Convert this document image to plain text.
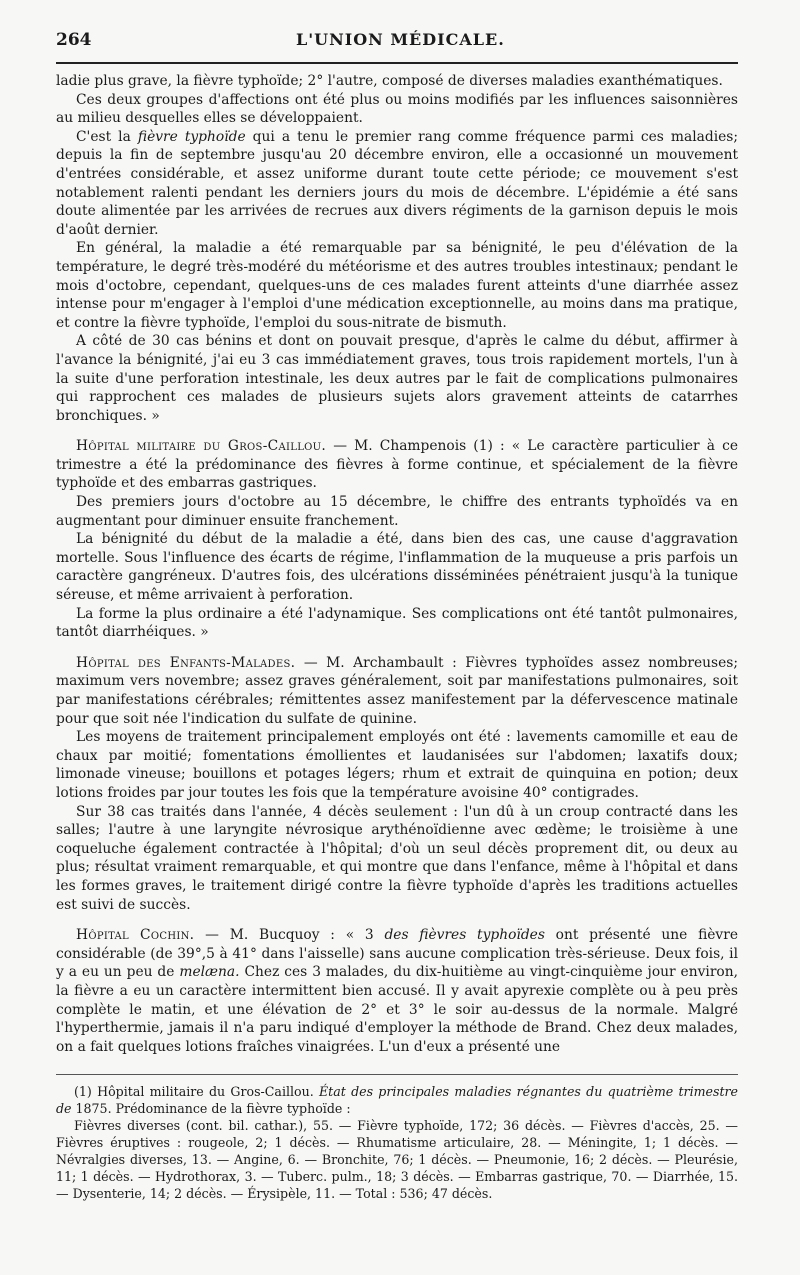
264	L'UNION MÉDICALE.

ladie plus grave, la fièvre typhoïde; 2° l'autre, composé de diverses maladies exanthématiques.

Ces deux groupes d'affections ont été plus ou moins modifiés par les influences saisonnières au milieu desquelles elles se développaient.

C'est la fièvre typhoïde qui a tenu le premier rang comme fréquence parmi ces maladies; depuis la fin de septembre jusqu'au 20 décembre environ, elle a occasionné un mouvement d'entrées considérable, et assez uniforme durant toute cette période; ce mouvement s'est notablement ralenti pendant les derniers jours du mois de décembre. L'épidémie a été sans doute alimentée par les arrivées de recrues aux divers régiments de la garnison depuis le mois d'août dernier.

En général, la maladie a été remarquable par sa bénignité, le peu d'élévation de la température, le degré très-modéré du météorisme et des autres troubles intestinaux; pendant le mois d'octobre, cependant, quelques-uns de ces malades furent atteints d'une diarrhée assez intense pour m'engager à l'emploi d'une médication exceptionnelle, au moins dans ma pratique, et contre la fièvre typhoïde, l'emploi du sous-nitrate de bismuth.

A côté de 30 cas bénins et dont on pouvait presque, d'après le calme du début, affirmer à l'avance la bénignité, j'ai eu 3 cas immédiatement graves, tous trois rapidement mortels, l'un à la suite d'une perforation intestinale, les deux autres par le fait de complications pulmonaires qui rapprochent ces malades de plusieurs sujets alors gravement atteints de catarrhes bronchiques. »

Hôpital militaire du Gros-Caillou. — M. Champenois (1) : « Le caractère particulier à ce trimestre a été la prédominance des fièvres à forme continue, et spécialement de la fièvre typhoïde et des embarras gastriques.

Des premiers jours d'octobre au 15 décembre, le chiffre des entrants typhoïdés va en augmentant pour diminuer ensuite franchement.

La bénignité du début de la maladie a été, dans bien des cas, une cause d'aggravation mortelle. Sous l'influence des écarts de régime, l'inflammation de la muqueuse a pris parfois un caractère gangréneux. D'autres fois, des ulcérations disséminées pénétraient jusqu'à la tunique séreuse, et même arrivaient à perforation.

La forme la plus ordinaire a été l'adynamique. Ses complications ont été tantôt pulmonaires, tantôt diarrhéiques. »

Hôpital des Enfants-Malades. — M. Archambault : Fièvres typhoïdes assez nombreuses; maximum vers novembre; assez graves généralement, soit par manifestations pulmonaires, soit par manifestations cérébrales; rémittentes assez manifestement par la défervescence matinale pour que soit née l'indication du sulfate de quinine.

Les moyens de traitement principalement employés ont été : lavements camomille et eau de chaux par moitié; fomentations émollientes et laudanisées sur l'abdomen; laxatifs doux; limonade vineuse; bouillons et potages légers; rhum et extrait de quinquina en potion; deux lotions froides par jour toutes les fois que la température avoisine 40° contigrades.

Sur 38 cas traités dans l'année, 4 décès seulement : l'un dû à un croup contracté dans les salles; l'autre à une laryngite névrosique arythénoïdienne avec œdème; le troisième à une coqueluche également contractée à l'hôpital; d'où un seul décès proprement dit, ou deux au plus; résultat vraiment remarquable, et qui montre que dans l'enfance, même à l'hôpital et dans les formes graves, le traitement dirigé contre la fièvre typhoïde d'après les traditions actuelles est suivi de succès.

Hôpital Cochin. — M. Bucquoy : « 3 des fièvres typhoïdes ont présenté une fièvre considérable (de 39°,5 à 41° dans l'aisselle) sans aucune complication très-sérieuse. Deux fois, il y a eu un peu de melæna. Chez ces 3 malades, du dix-huitième au vingt-cinquième jour environ, la fièvre a eu un caractère intermittent bien accusé. Il y avait apyrexie complète ou à peu près complète le matin, et une élévation de 2° et 3° le soir au-dessus de la normale. Malgré l'hyperthermie, jamais il n'a paru indiqué d'employer la méthode de Brand. Chez deux malades, on a fait quelques lotions fraîches vinaigrées. L'un d'eux a présenté une

(1) Hôpital militaire du Gros-Caillou. État des principales maladies régnantes du quatrième trimestre de 1875. Prédominance de la fièvre typhoïde :

Fièvres diverses (cont. bil. cathar.), 55. — Fièvre typhoïde, 172; 36 décès. — Fièvres d'accès, 25. — Fièvres éruptives : rougeole, 2; 1 décès. — Rhumatisme articulaire, 28. — Méningite, 1; 1 décès. — Névralgies diverses, 13. — Angine, 6. — Bronchite, 76; 1 décès. — Pneumonie, 16; 2 décès. — Pleurésie, 11; 1 décès. — Hydrothorax, 3. — Tuberc. pulm., 18; 3 décès. — Embarras gastrique, 70. — Diarrhée, 15. — Dysenterie, 14; 2 décès. — Érysipèle, 11. — Total : 536; 47 décès.
